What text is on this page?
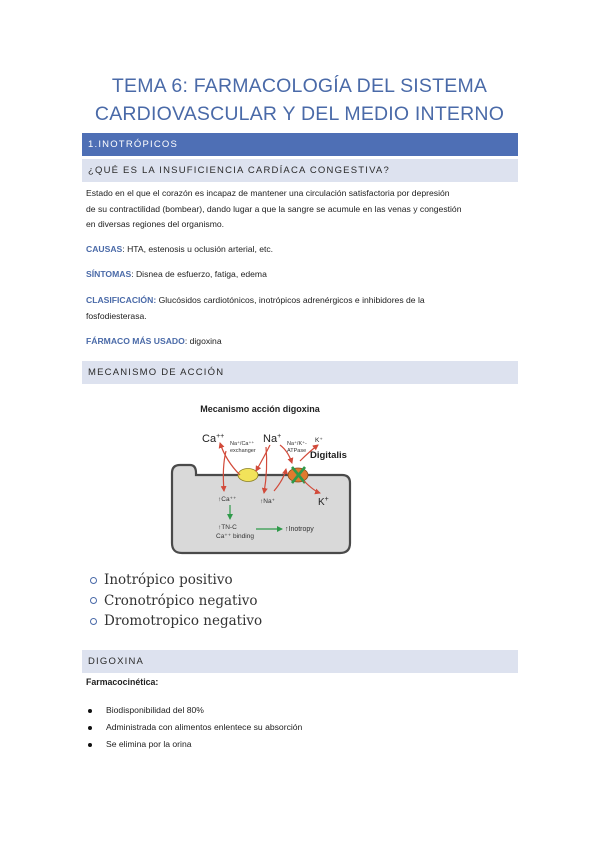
TEMA 6: FARMACOLOGÍA DEL SISTEMA
CARDIOVASCULAR Y DEL MEDIO INTERNO
1.INOTRÓPICOS
¿QUÉ ES LA INSUFICIENCIA CARDÍACA CONGESTIVA?
Estado en el que el corazón es incapaz de mantener una circulación satisfactoria por depresión
de su contractilidad (bombear), dando lugar a que la sangre se acumule en las venas y congestión
en diversas regiones del organismo.
CAUSAS: HTA, estenosis u oclusión arterial, etc.
SÍNTOMAS: Disnea de esfuerzo, fatiga, edema
CLASIFICACIÓN: Glucósidos cardiotónicos, inotrópicos adrenérgicos e inhibidores de la
fosfodiesterasa.
FÁRMACO MÁS USADO: digoxina
MECANISMO DE ACCIÓN
Mecanismo acción digoxina
Ca++	Na+
Na⁺/Ca⁺⁺
exchanger
Na⁺/K⁺-
ATPase
K⁺
Digitalis
K+
↑Ca⁺⁺	↑Na⁺
↑TN-C
Ca⁺⁺ binding
↑Inotropy
Inotrópico positivo
Cronotrópico negativo
Dromotropico negativo
DIGOXINA
Farmacocinética:
Biodisponibilidad del 80%
Administrada con alimentos enlentece su absorción
Se elimina por la orina
